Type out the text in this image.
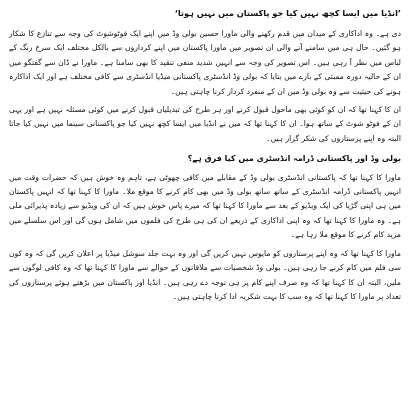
’انڈیا میں ایسا کچھ نہیں کیا جو پاکستان میں نہیں ہوتا‘

دی ہے۔ وہ اداکاری کے میدان میں قدم رکھنے والی ماورا حسین بولی وڈ میں اپنے ایک فوٹوشوٹ کی وجہ سے تنازع کا شکار ہو گئیں۔ حال ہی میں سامنے آنے والی ان تصویر میں ماورا پاکستان میں اپنے کرداروں سے بالکل مختلف ایک سرخ رنگ کے لباس میں نظر آ رہی ہیں۔ اس تصویر کی وجہ سے انہیں شدید منفی تنقید کا بھی سامنا ہے۔ ماورا نے ڈان سے گفتگو میں ان کے حالیہ دورہ ممبئی کے بارے میں بتایا کہ بولی وڈ انڈسٹری پاکستانی میڈیا انڈسٹری سے کافی مختلف ہے اور ایک اداکارہ ہونے کی حیثیت سے وہ بولی وڈ میں ان کے منفرد کردار کرنا چاہتی ہیں۔

ان کا کہنا تھا کہ ان کو کوئی بھی ماحول قبول کرنے اور ہر طرح کی تبدیلیاں قبول کرنے میں کوئی مسئلہ نہیں ہے اور یہی ان کے فوٹو شوٹ کے ساتھ ہوا۔ ان کا کہنا تھا کہ میں نے انڈیا میں ایسا کچھ نہیں کیا جو پاکستانی سینما میں نہیں کیا جاتا البتہ وہ اپنے پرستاروں کی شکر گزار ہیں۔

بولی وڈ اور پاکستانی ڈرامہ انڈسٹری میں کیا فرق ہے؟

ماورا کا کہنا تھا کہ پاکستانی انڈسٹری بولی وڈ کے مقابلے میں کافی چھوٹی ہے، تاہم وہ خوش ہیں کہ حضرات وقت میں انہیں پاکستانی ڈرامہ انڈسٹری کے ساتھ ساتھ بولی وڈ میں بھی کام کرنے کا موقع ملا۔ ماورا کا کہنا تھا کہ انہیں پاکستان میں ہی اپنی گڑیا کی ایک ویڈیو کے بعد سے ماورا کا کہنا تھا کہ میرے پاس خوش ہیں کہ ان کی ویڈیو سے زیادہ پذیرائی ملی ہے۔ وہ ماورا کا کہنا تھا کہ وہ اپنی اداکاری کے ذریعے ان کی ہی طرح کی فلموں میں شامل ہوں گی اور اس سلسلے میں مزید کام کرنے کا موقع ملا رہا ہے۔

ماورا کا کہنا تھا کہ وہ اپنے پرستاروں کو مایوس نہیں کریں گی اور وہ بہت جلد سوشل میڈیا پر اعلان کریں گی کہ وہ کون سی فلم میں کام کرنے جا رہی ہیں۔ بولی وڈ شخصیات سے ملاقاتوں کے حوالے سے ماورا کا کہنا تھا کہ وہ کافی لوگوں سے ملیں، البتہ ان کا کہنا تھا کہ وہ صرف اپنے کام پر ہی توجہ دے رہی ہیں۔ انڈیا اور پاکستان میں بڑھتے ہوئے پرستاروں کی تعداد پر ماورا کا کہنا تھا کہ وہ سب کا بہت شکریہ ادا کرنا چاہتی ہیں۔
